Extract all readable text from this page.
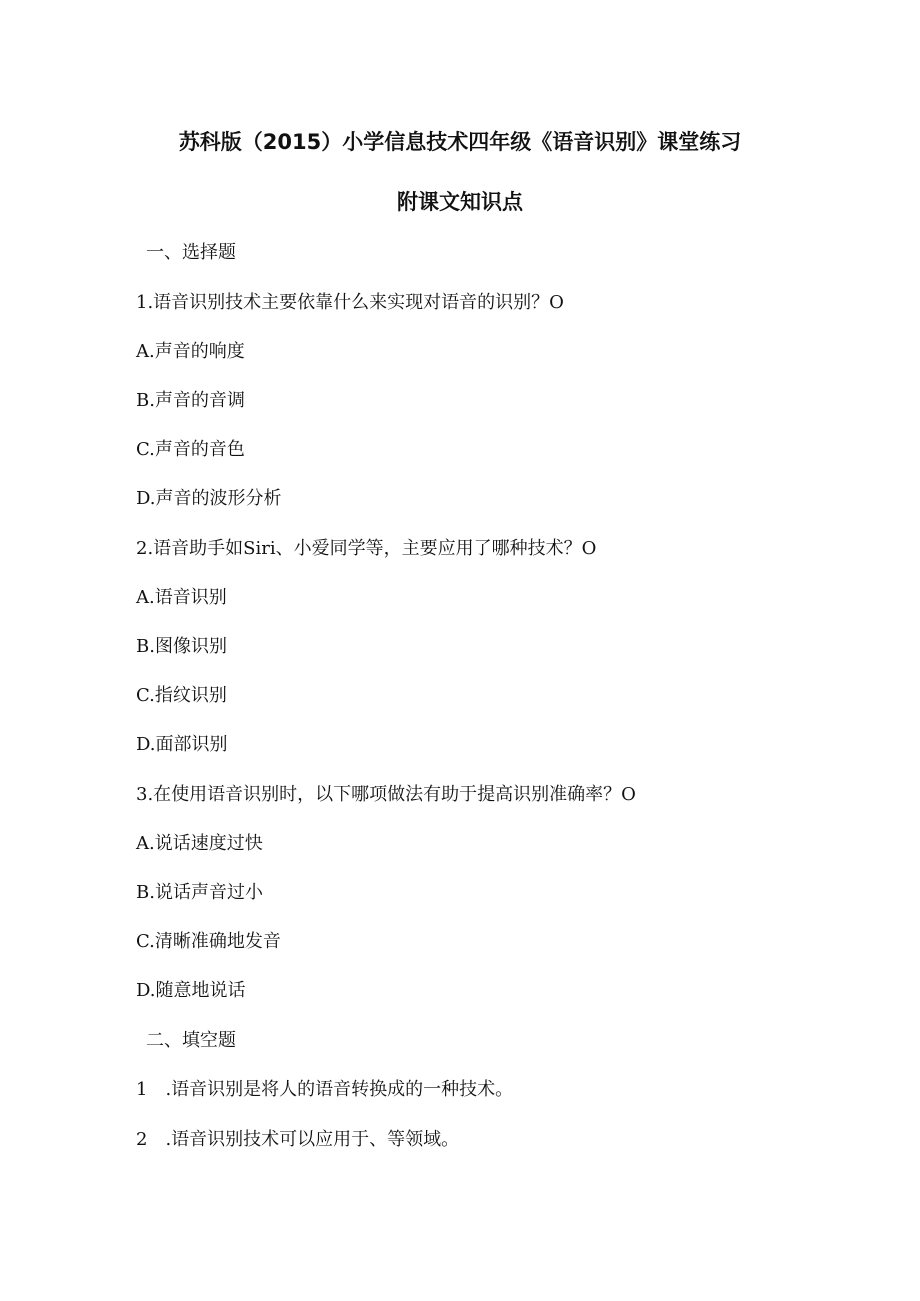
苏科版（2015）小学信息技术四年级《语音识别》课堂练习
附课文知识点
一、选择题
1.语音识别技术主要依靠什么来实现对语音的识别？O
A.声音的响度
B.声音的音调
C.声音的音色
D.声音的波形分析
2.语音助手如Siri、小爱同学等，主要应用了哪种技术？O
A.语音识别
B.图像识别
C.指纹识别
D.面部识别
3.在使用语音识别时，以下哪项做法有助于提高识别准确率？O
A.说话速度过快
B.说话声音过小
C.清晰准确地发音
D.随意地说话
二、填空题
1　.语音识别是将人的语音转换成的一种技术。
2　.语音识别技术可以应用于、等领域。
